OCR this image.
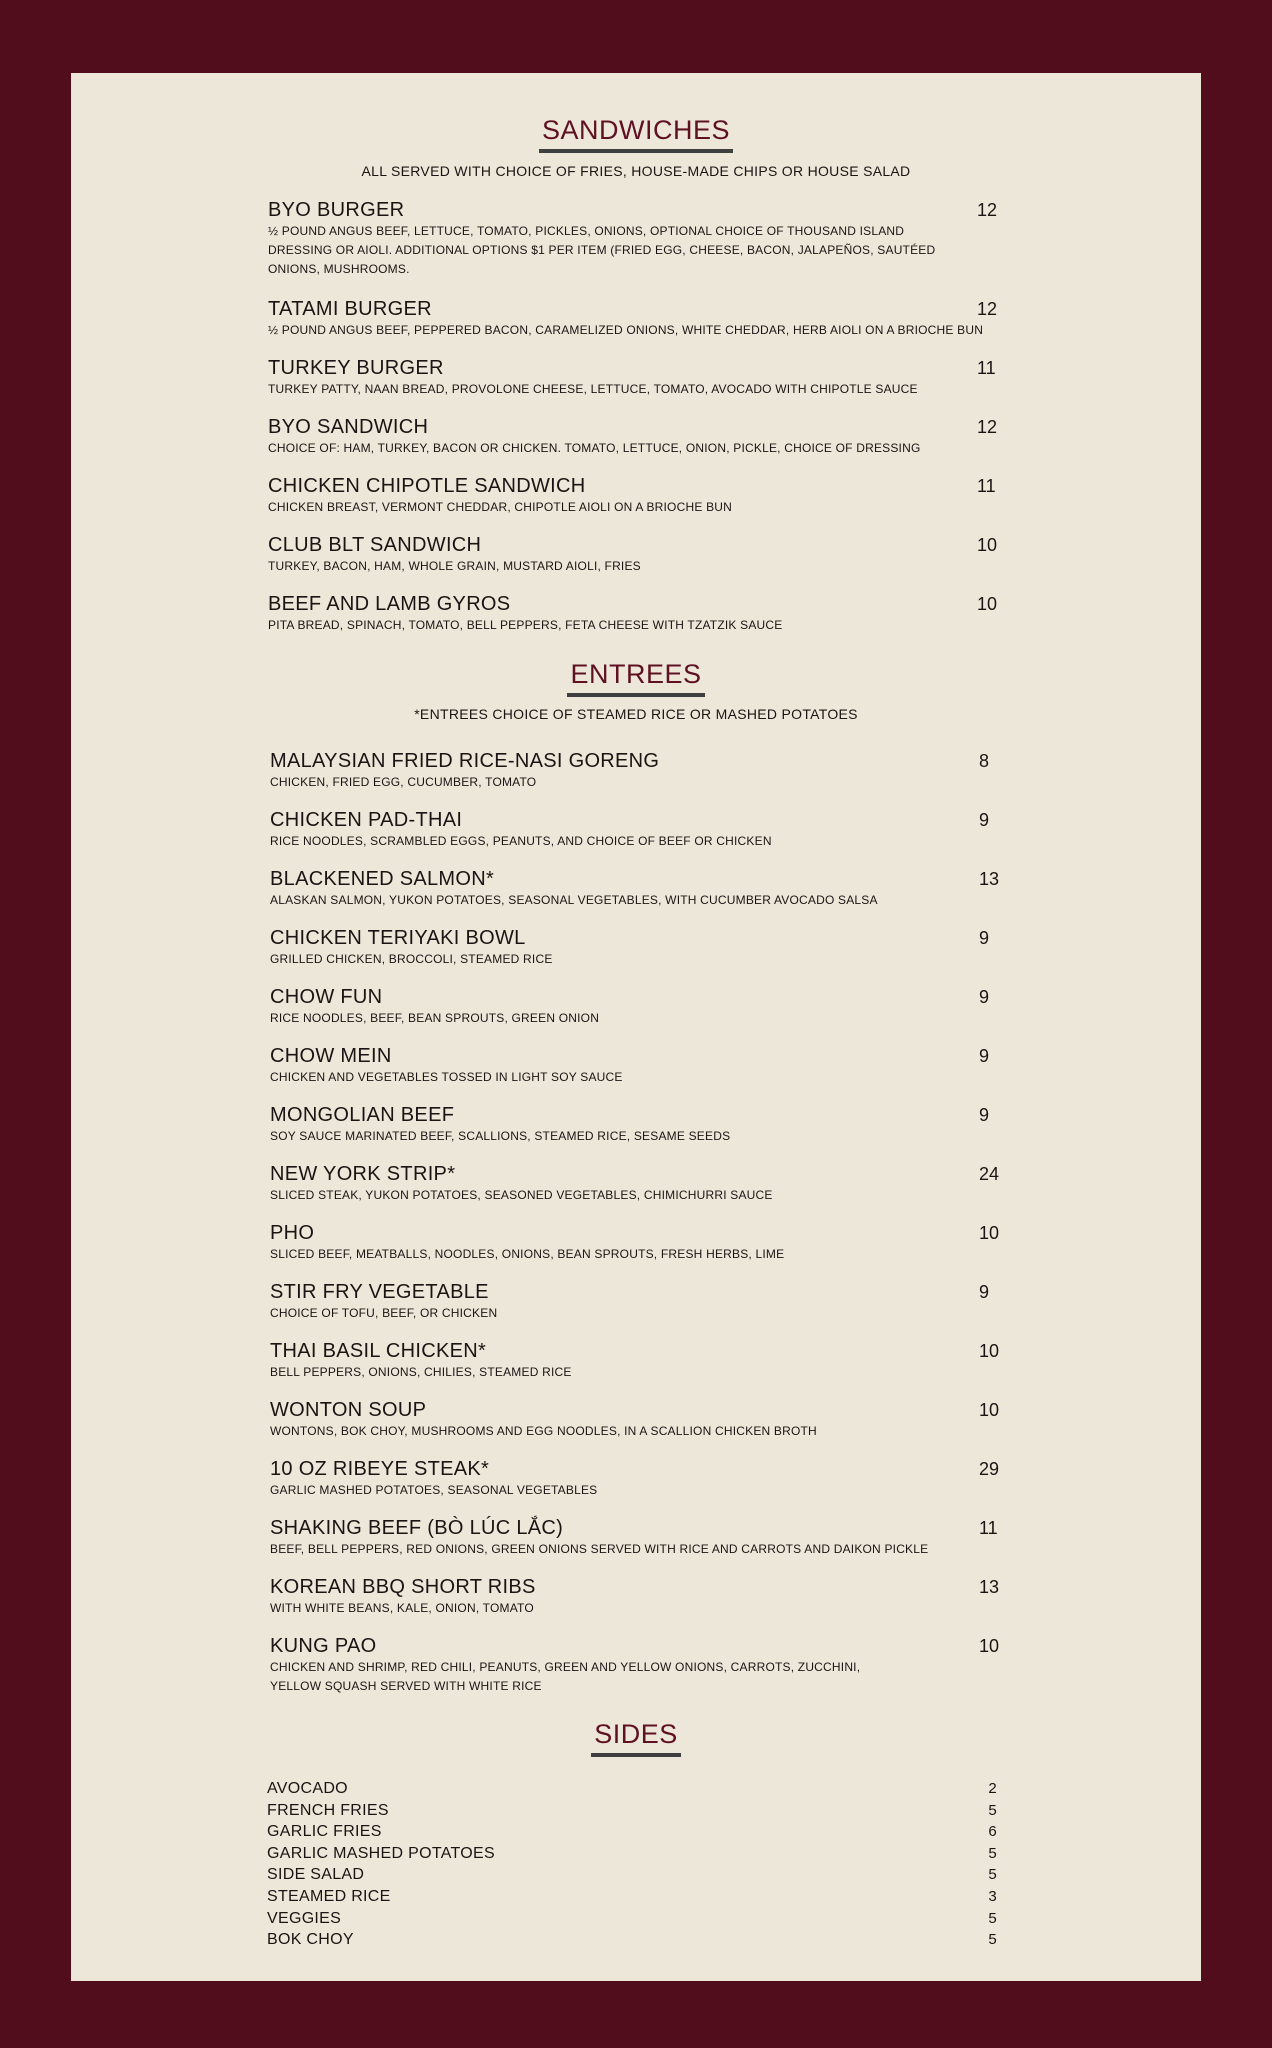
SANDWICHES
ALL SERVED WITH CHOICE OF FRIES, HOUSE-MADE CHIPS OR HOUSE SALAD
BYO BURGER	12
½ POUND ANGUS BEEF, LETTUCE, TOMATO, PICKLES, ONIONS, OPTIONAL CHOICE OF THOUSAND ISLAND DRESSING OR AIOLI. ADDITIONAL OPTIONS $1 PER ITEM (FRIED EGG, CHEESE, BACON, JALAPEÑOS, SAUTÉED ONIONS, MUSHROOMS.
TATAMI BURGER	12
½ POUND ANGUS BEEF, PEPPERED BACON, CARAMELIZED ONIONS, WHITE CHEDDAR, HERB AIOLI ON A BRIOCHE BUN
TURKEY BURGER	11
TURKEY PATTY, NAAN BREAD, PROVOLONE CHEESE, LETTUCE, TOMATO, AVOCADO WITH CHIPOTLE SAUCE
BYO SANDWICH	12
CHOICE OF: HAM, TURKEY, BACON OR CHICKEN. TOMATO, LETTUCE, ONION, PICKLE, CHOICE OF DRESSING
CHICKEN CHIPOTLE SANDWICH	11
CHICKEN BREAST, VERMONT CHEDDAR, CHIPOTLE AIOLI ON A BRIOCHE BUN
CLUB BLT SANDWICH	10
TURKEY, BACON, HAM, WHOLE GRAIN, MUSTARD AIOLI, FRIES
BEEF AND LAMB GYROS	10
PITA BREAD, SPINACH, TOMATO, BELL PEPPERS, FETA CHEESE WITH TZATZIK SAUCE
ENTREES
*ENTREES CHOICE OF STEAMED RICE OR MASHED POTATOES
MALAYSIAN FRIED RICE-NASI GORENG	8
CHICKEN, FRIED EGG, CUCUMBER, TOMATO
CHICKEN PAD-THAI	9
RICE NOODLES, SCRAMBLED EGGS, PEANUTS, AND CHOICE OF BEEF OR CHICKEN
BLACKENED SALMON*	13
ALASKAN SALMON, YUKON POTATOES, SEASONAL VEGETABLES, WITH CUCUMBER AVOCADO SALSA
CHICKEN TERIYAKI BOWL	9
GRILLED CHICKEN, BROCCOLI, STEAMED RICE
CHOW FUN	9
RICE NOODLES, BEEF, BEAN SPROUTS, GREEN ONION
CHOW MEIN	9
CHICKEN AND VEGETABLES TOSSED IN LIGHT SOY SAUCE
MONGOLIAN BEEF	9
SOY SAUCE MARINATED BEEF, SCALLIONS, STEAMED RICE, SESAME SEEDS
NEW YORK STRIP*	24
SLICED STEAK, YUKON POTATOES, SEASONED VEGETABLES, CHIMICHURRI SAUCE
PHO	10
SLICED BEEF, MEATBALLS, NOODLES, ONIONS, BEAN SPROUTS, FRESH HERBS, LIME
STIR FRY VEGETABLE	9
CHOICE OF TOFU, BEEF, OR CHICKEN
THAI BASIL CHICKEN*	10
BELL PEPPERS, ONIONS, CHILIES, STEAMED RICE
WONTON SOUP	10
WONTONS, BOK CHOY, MUSHROOMS AND EGG NOODLES, IN A SCALLION CHICKEN BROTH
10 OZ RIBEYE STEAK*	29
GARLIC MASHED POTATOES, SEASONAL VEGETABLES
SHAKING BEEF (BÒ LÚC LẮC)	11
BEEF, BELL PEPPERS, RED ONIONS, GREEN ONIONS SERVED WITH RICE AND CARROTS AND DAIKON PICKLE
KOREAN BBQ SHORT RIBS	13
WITH WHITE BEANS, KALE, ONION, TOMATO
KUNG PAO	10
CHICKEN AND SHRIMP, RED CHILI, PEANUTS, GREEN AND YELLOW ONIONS, CARROTS, ZUCCHINI, YELLOW SQUASH SERVED WITH WHITE RICE
SIDES
AVOCADO	2
FRENCH FRIES	5
GARLIC FRIES	6
GARLIC MASHED POTATOES	5
SIDE SALAD	5
STEAMED RICE	3
VEGGIES	5
BOK CHOY	5
